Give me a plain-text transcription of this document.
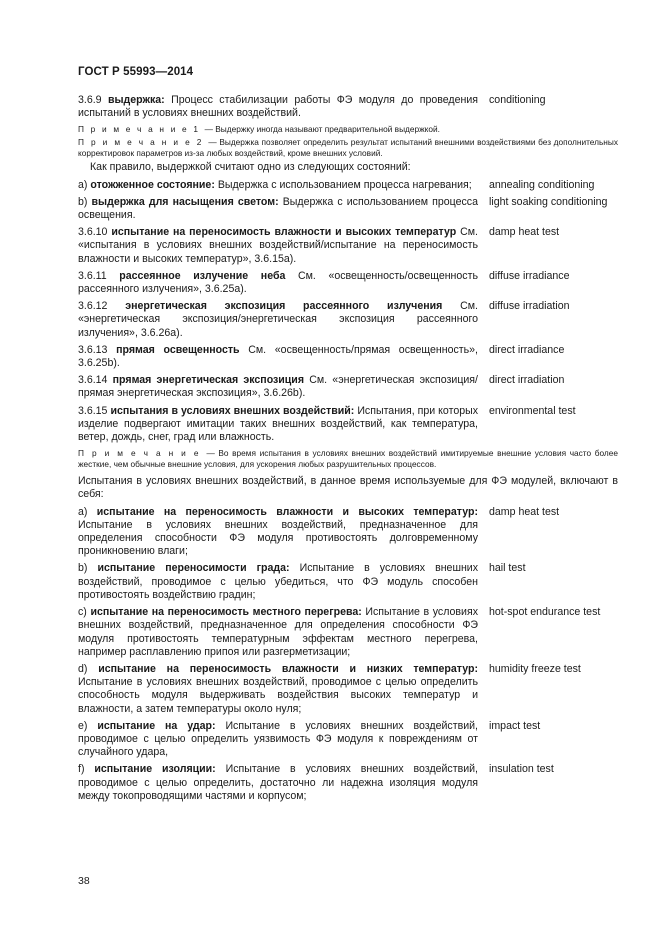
ГОСТ Р 55993—2014
3.6.9 выдержка: Процесс стабилизации работы ФЭ модуля до проведения испытаний в условиях внешних воздействий.
conditioning
П р и м е ч а н и е 1 — Выдержку иногда называют предварительной выдержкой.
П р и м е ч а н и е 2 — Выдержка позволяет определить результат испытаний внешними воздействиями без дополнительных корректировок параметров из-за любых воздействий, кроме внешних условий.
Как правило, выдержкой считают одно из следующих состояний:
а) отожженное состояние: Выдержка с использованием процесса нагревания;	annealing conditioning
b) выдержка для насыщения светом: Выдержка с использованием процесса освещения.
light soaking conditioning
3.6.10 испытание на переносимость влажности и высоких температур См. «испытания в условиях внешних воздействий/испытание на переносимость влажности и высоких температур», 3.6.15а).
damp heat test
3.6.11 рассеянное излучение неба См. «освещенность/освещенность рассеянного излучения», 3.6.25а).
diffuse irradiance
3.6.12 энергетическая экспозиция рассеянного излучения См. «энергетическая экспозиция/энергетическая экспозиция рассеянного излучения», 3.6.26а).
diffuse irradiation
3.6.13 прямая освещенность См. «освещенность/прямая освещенность», 3.6.25b).
direct irradiance
3.6.14 прямая энергетическая экспозиция См. «энергетическая экспозиция/прямая энергетическая экспозиция», 3.6.26b).
direct irradiation
3.6.15 испытания в условиях внешних воздействий: Испытания, при которых изделие подвергают имитации таких внешних воздействий, как температура, ветер, дождь, снег, град или влажность.
environmental test
П р и м е ч а н и е — Во время испытания в условиях внешних воздействий имитируемые внешние условия часто более жесткие, чем обычные внешние условия, для ускорения любых разрушительных процессов.
Испытания в условиях внешних воздействий, в данное время используемые для ФЭ модулей, включают в себя:
а) испытание на переносимость влажности и высоких температур: Испытание в условиях внешних воздействий, предназначенное для определения способности ФЭ модуля противостоять долговременному проникновению влаги;
damp heat test
b) испытание переносимости града: Испытание в условиях внешних воздействий, проводимое с целью убедиться, что ФЭ модуль способен противостоять воздействию градин;
hail test
с) испытание на переносимость местного перегрева: Испытание в условиях внешних воздействий, предназначенное для определения способности ФЭ модуля противостоять температурным эффектам местного перегрева, например расплавлению припоя или разгерметизации;
hot-spot endurance test
d) испытание на переносимость влажности и низких температур: Испытание в условиях внешних воздействий, проводимое с целью определить способность модуля выдерживать воздействия высоких температур и влажности, а затем температуры около нуля;
humidity freeze test
е) испытание на удар: Испытание в условиях внешних воздействий, проводимое с целью определить уязвимость ФЭ модуля к повреждениям от случайного удара,
impact test
f) испытание изоляции: Испытание в условиях внешних воздействий, проводимое с целью определить, достаточно ли надежна изоляция модуля между токопроводящими частями и корпусом;
insulation test
38
